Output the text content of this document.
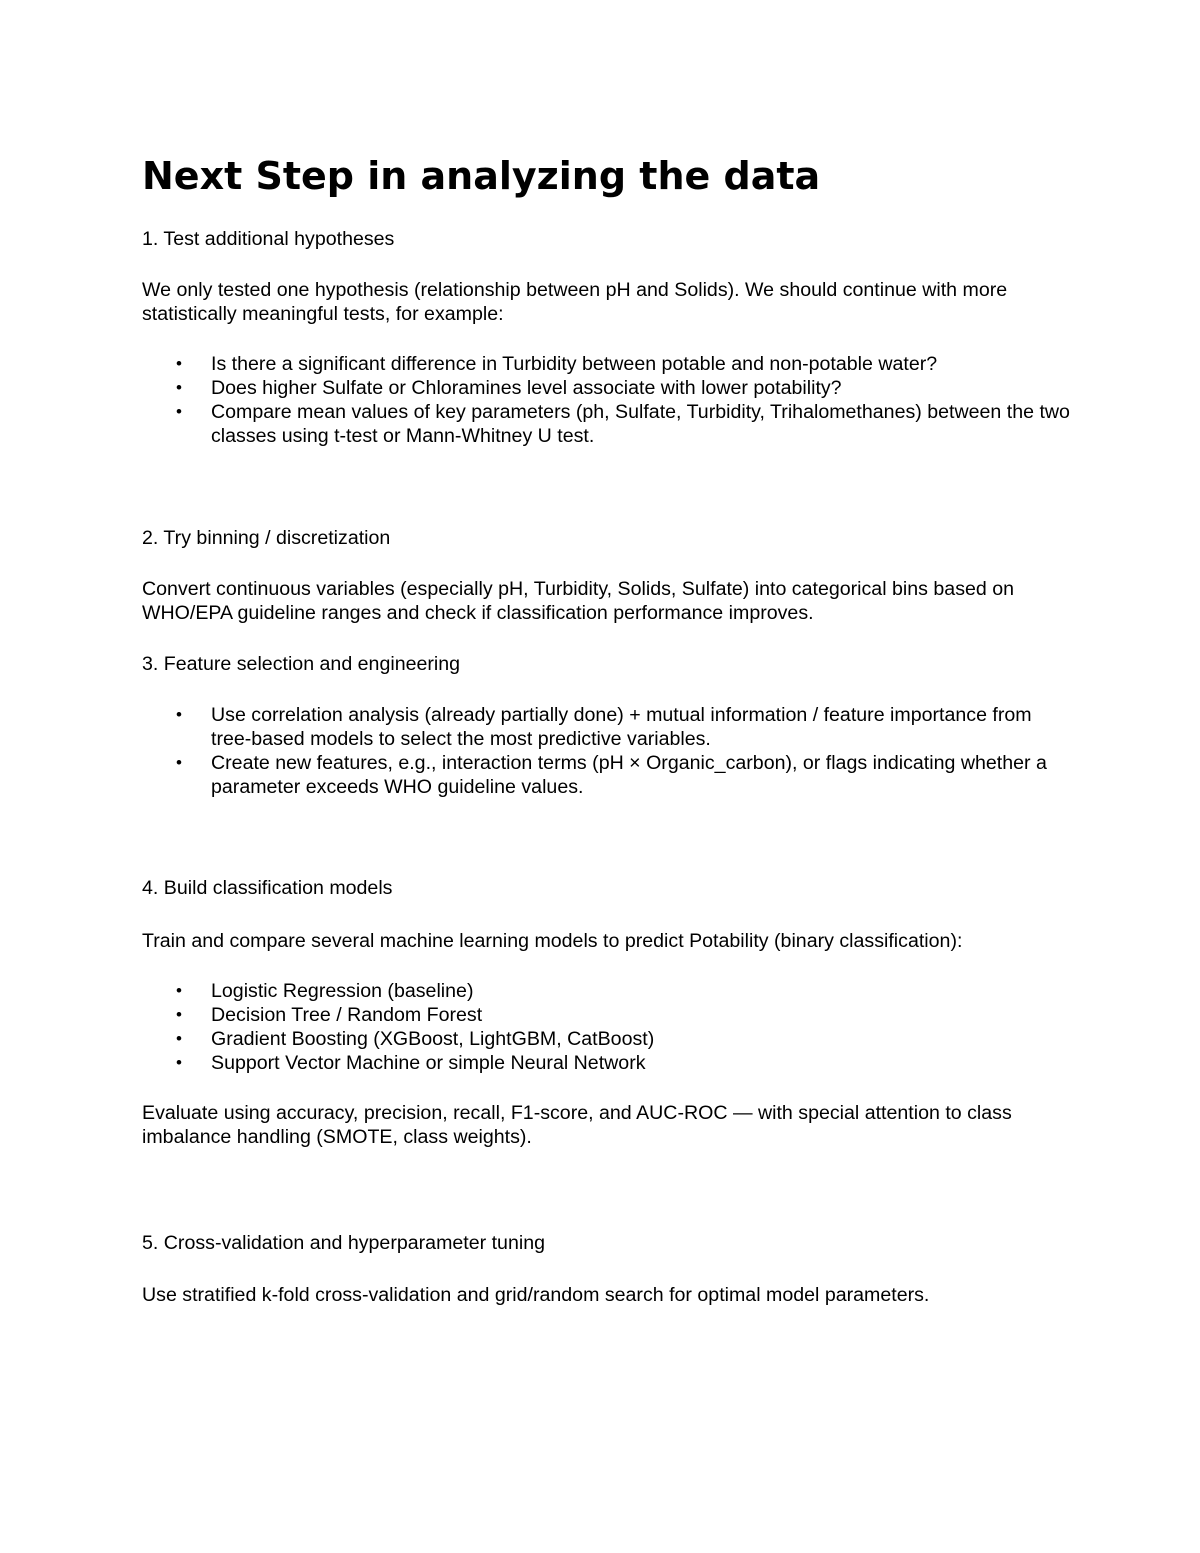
Next Step in analyzing the data

1. Test additional hypotheses

We only tested one hypothesis (relationship between pH and Solids). We should continue with more statistically meaningful tests, for example:

• Is there a significant difference in Turbidity between potable and non-potable water?
• Does higher Sulfate or Chloramines level associate with lower potability?
• Compare mean values of key parameters (ph, Sulfate, Turbidity, Trihalomethanes) between the two classes using t-test or Mann-Whitney U test.

2. Try binning / discretization

Convert continuous variables (especially pH, Turbidity, Solids, Sulfate) into categorical bins based on WHO/EPA guideline ranges and check if classification performance improves.

3. Feature selection and engineering

• Use correlation analysis (already partially done) + mutual information / feature importance from tree-based models to select the most predictive variables.
• Create new features, e.g., interaction terms (pH × Organic_carbon), or flags indicating whether a parameter exceeds WHO guideline values.

4. Build classification models

Train and compare several machine learning models to predict Potability (binary classification):

• Logistic Regression (baseline)
• Decision Tree / Random Forest
• Gradient Boosting (XGBoost, LightGBM, CatBoost)
• Support Vector Machine or simple Neural Network

Evaluate using accuracy, precision, recall, F1-score, and AUC-ROC — with special attention to class imbalance handling (SMOTE, class weights).

5. Cross-validation and hyperparameter tuning

Use stratified k-fold cross-validation and grid/random search for optimal model parameters.
